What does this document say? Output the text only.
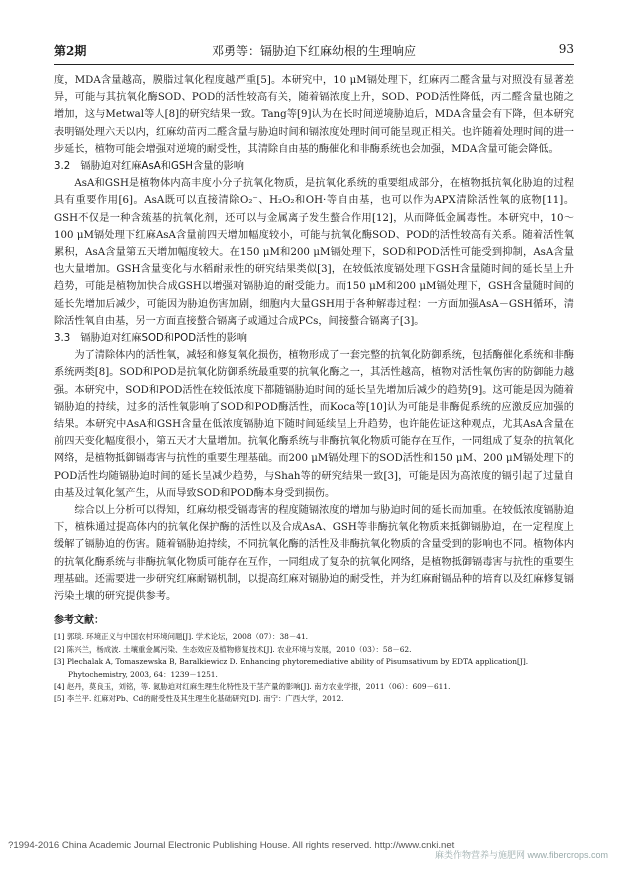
第2期	邓勇等：镉胁迫下红麻幼根的生理响应	93

度，MDA含量越高，膜脂过氧化程度越严重[5]。本研究中，10 μM镉处理下，红麻丙二醛含量与对照没有显著差异，可能与其抗氧化酶SOD、POD的活性较高有关，随着镉浓度上升，SOD、POD活性降低，丙二醛含量也随之增加，这与Metwal等人[8]的研究结果一致。Tang等[9]认为在长时间逆境胁迫后，MDA含量会有下降，但本研究表明镉处理六天以内，红麻幼苗丙二醛含量与胁迫时间和镉浓度处理时间可能呈现正相关。也许随着处理时间的进一步延长，植物可能会增强对逆境的耐受性，其清除自由基的酶催化和非酶系统也会加强，MDA含量可能会降低。

3.2　镉胁迫对红麻AsA和GSH含量的影响

AsA和GSH是植物体内高丰度小分子抗氧化物质，是抗氧化系统的重要组成部分，在植物抵抗氧化胁迫的过程具有重要作用[6]。AsA既可以直接清除O₂⁻、H₂O₂和OH·等自由基，也可以作为APX清除活性氧的底物[11]。GSH不仅是一种含巯基的抗氧化剂，还可以与金属离子发生螯合作用[12]，从而降低金属毒性。本研究中，10～100 μM镉处理下红麻AsA含量前四天增加幅度较小，可能与抗氧化酶SOD、POD的活性较高有关系。随着活性氧累积，AsA含量第五天增加幅度较大。在150 μM和200 μM镉处理下，SOD和POD活性可能受到抑制，AsA含量也大量增加。GSH含量变化与水稻耐汞性的研究结果类似[3]，在较低浓度镉处理下GSH含量随时间的延长呈上升趋势，可能是植物加快合成GSH以增强对镉胁迫的耐受能力。而150 μM和200 μM镉处理下，GSH含量随时间的延长先增加后减少，可能因为胁迫伤害加剧，细胞内大量GSH用于各种解毒过程：一方面加强AsA－GSH循环，清除活性氧自由基，另一方面直接螯合镉离子或通过合成PCs，间接螯合镉离子[3]。

3.3　镉胁迫对红麻SOD和POD活性的影响

为了清除体内的活性氧，减轻和修复氧化损伤，植物形成了一套完整的抗氧化防御系统，包括酶催化系统和非酶系统两类[8]。SOD和POD是抗氧化防御系统最重要的抗氧化酶之一，其活性越高，植物对活性氧伤害的防御能力越强。本研究中，SOD和POD活性在较低浓度下都随镉胁迫时间的延长呈先增加后减少的趋势[9]。这可能是因为随着镉胁迫的持续，过多的活性氧影响了SOD和POD酶活性，而Koca等[10]认为可能是非酶促系统的应激反应加强的结果。本研究中AsA和GSH含量在低浓度镉胁迫下随时间延续呈上升趋势，也许能佐证这种观点，尤其AsA含量在前四天变化幅度很小，第五天才大量增加。抗氧化酶系统与非酶抗氧化物质可能存在互作，一同组成了复杂的抗氧化网络，是植物抵御镉毒害与抗性的重要生理基础。而200 μM镉处理下的SOD活性和150 μM、200 μM镉处理下的POD活性均随镉胁迫时间的延长呈减少趋势，与Shah等的研究结果一致[3]，可能是因为高浓度的镉引起了过量自由基及过氧化氢产生，从而导致SOD和POD酶本身受到损伤。

综合以上分析可以得知，红麻幼根受镉毒害的程度随镉浓度的增加与胁迫时间的延长而加重。在较低浓度镉胁迫下，植株通过提高体内的抗氧化保护酶的活性以及合成AsA、GSH等非酶抗氧化物质来抵御镉胁迫，在一定程度上缓解了镉胁迫的伤害。随着镉胁迫持续，不同抗氧化酶的活性及非酶抗氧化物质的含量受到的影响也不同。植物体内的抗氧化酶系统与非酶抗氧化物质可能存在互作，一同组成了复杂的抗氧化网络，是植物抵御镉毒害与抗性的重要生理基础。还需要进一步研究红麻耐镉机制，以提高红麻对镉胁迫的耐受性，并为红麻耐镉品种的培育以及红麻修复镉污染土壤的研究提供参考。

参考文献：

[1] 郭琰. 环境正义与中国农村环境问题[J]. 学术论坛，2008（07）：38－41.

[2] 陈兴兰，杨成波. 土壤重金属污染、生态效应及植物修复技术[J]. 农业环境与发展，2010（03）：58－62.

[3] Plechalak A, Tomaszewska B, Baralkiewicz D. Enhancing phytoremediative ability of Pisumsativum by EDTA application[J]. Phytochemistry, 2003, 64：1239－1251.

[4] 赵丹，莫良玉，刘铭，等. 氮胁迫对红麻生理生化特性及干茎产量的影响[J]. 南方农业学报，2011（06）：609－611.

[5] 李兰平. 红麻对Pb、Cd的耐受性及其生理生化基础研究[D]. 南宁：广西大学，2012.

?1994-2016 China Academic Journal Electronic Publishing House. All rights reserved. http://www.cnki.net
麻类作物营养与施肥网 www.fibercrops.com
